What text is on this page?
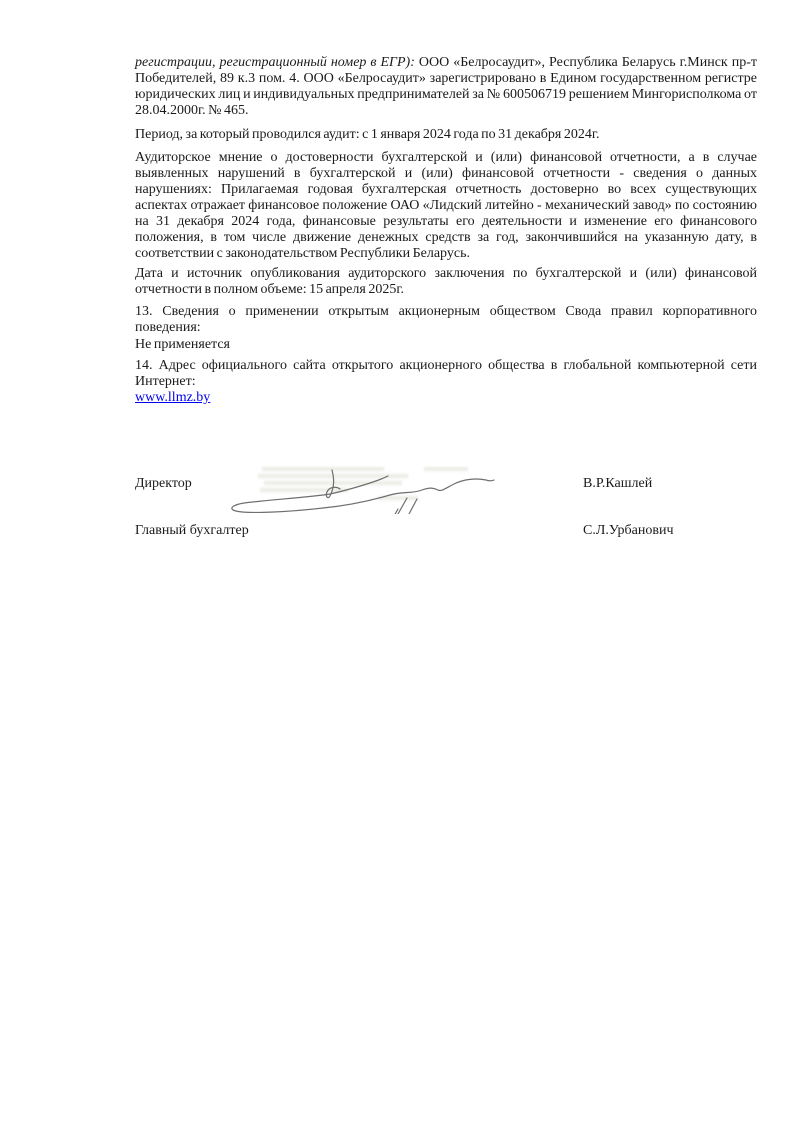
регистрации, регистрационный номер в ЕГР): ООО «Белросаудит», Республика Беларусь г.Минск пр-т Победителей, 89 к.3 пом. 4. ООО «Белросаудит» зарегистрировано в Едином государственном регистре юридических лиц и индивидуальных предпринимателей за № 600506719 решением Мингорисполкома от 28.04.2000г. № 465.

Период, за который проводился аудит: с 1 января 2024 года по 31 декабря 2024г.

Аудиторское мнение о достоверности бухгалтерской и (или) финансовой отчетности, а в случае выявленных нарушений в бухгалтерской и (или) финансовой отчетности - сведения о данных нарушениях: Прилагаемая годовая бухгалтерская отчетность достоверно во всех существующих аспектах отражает финансовое положение ОАО «Лидский литейно - механический завод» по состоянию на 31 декабря 2024 года, финансовые результаты его деятельности и изменение его финансового положения, в том числе движение денежных средств за год, закончившийся на указанную дату, в соответствии с законодательством Республики Беларусь.

Дата и источник опубликования аудиторского заключения по бухгалтерской и (или) финансовой отчетности в полном объеме: 15 апреля 2025г.

13. Сведения о применении открытым акционерным обществом Свода правил корпоративного поведения:

Не применяется

14. Адрес официального сайта открытого акционерного общества в глобальной компьютерной сети Интернет:
www.llmz.by

Директор	В.Р.Кашлей
Главный бухгалтер	С.Л.Урбанович
